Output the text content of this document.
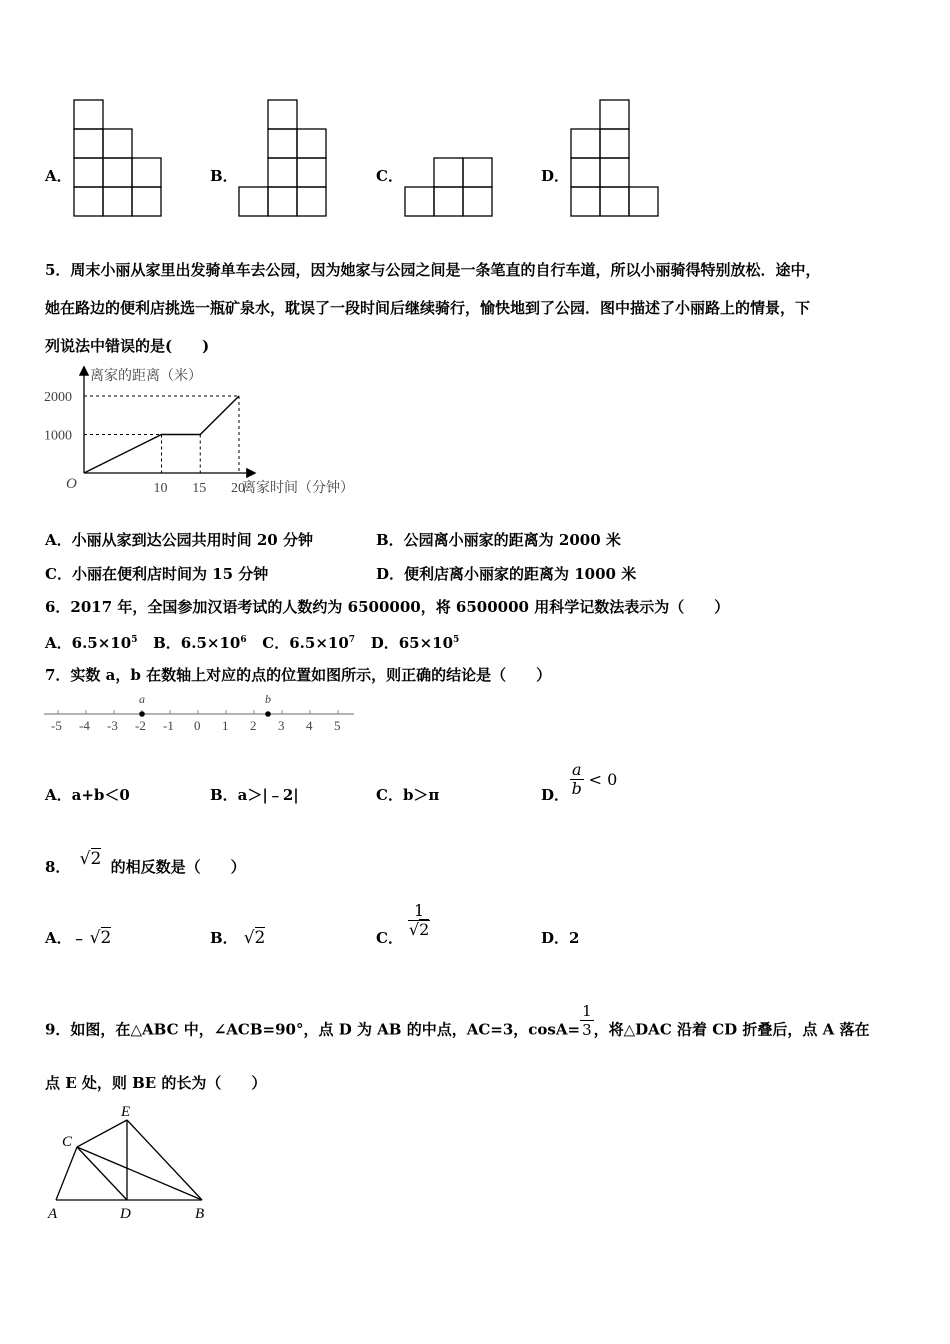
A．	B．	C．	D．
5．周末小丽从家里出发骑单车去公园，因为她家与公园之间是一条笔直的自行车道，所以小丽骑得特别放松．途中，
她在路边的便利店挑选一瓶矿泉水，耽误了一段时间后继续骑行，愉快地到了公园．图中描述了小丽路上的情景，下
列说法中错误的是(　　)
离家的距离（米）
离家时间（分钟）
O
1000
2000
10 15 20
A．小丽从家到达公园共用时间 20 分钟	B．公园离小丽家的距离为 2000 米
C．小丽在便利店时间为 15 分钟	D．便利店离小丽家的距离为 1000 米
6．2017 年，全国参加汉语考试的人数约为 6500000，将 6500000 用科学记数法表示为（　　）
A．$6.5\times 10^5$ B．$6.5\times 10^6$ C．$6.5\times 10^7$ D．$65\times 10^5$
7．实数 a，b 在数轴上对应的点的位置如图所示，则正确的结论是（　　）
-5 -4 -3 -2 -1 0 1 2 3 4 5
a	b
A．a+b＜0	B．a＞|﹣2|	C．b＞π	D． $\frac{a}{b} < 0$
8． √2 的相反数是（　　）
A．﹣ √2	B． √2	C． $\frac{1}{√2}$	D．2
9．如图，在△ABC 中，∠ACB=90°，点 D 为 AB 的中点，AC=3，$\cos A= \frac{1}{3}$ ，将△DAC 沿着 CD 折叠后，点 A 落在
点 E 处，则 BE 的长为（　　）
A	B
C
D
E
